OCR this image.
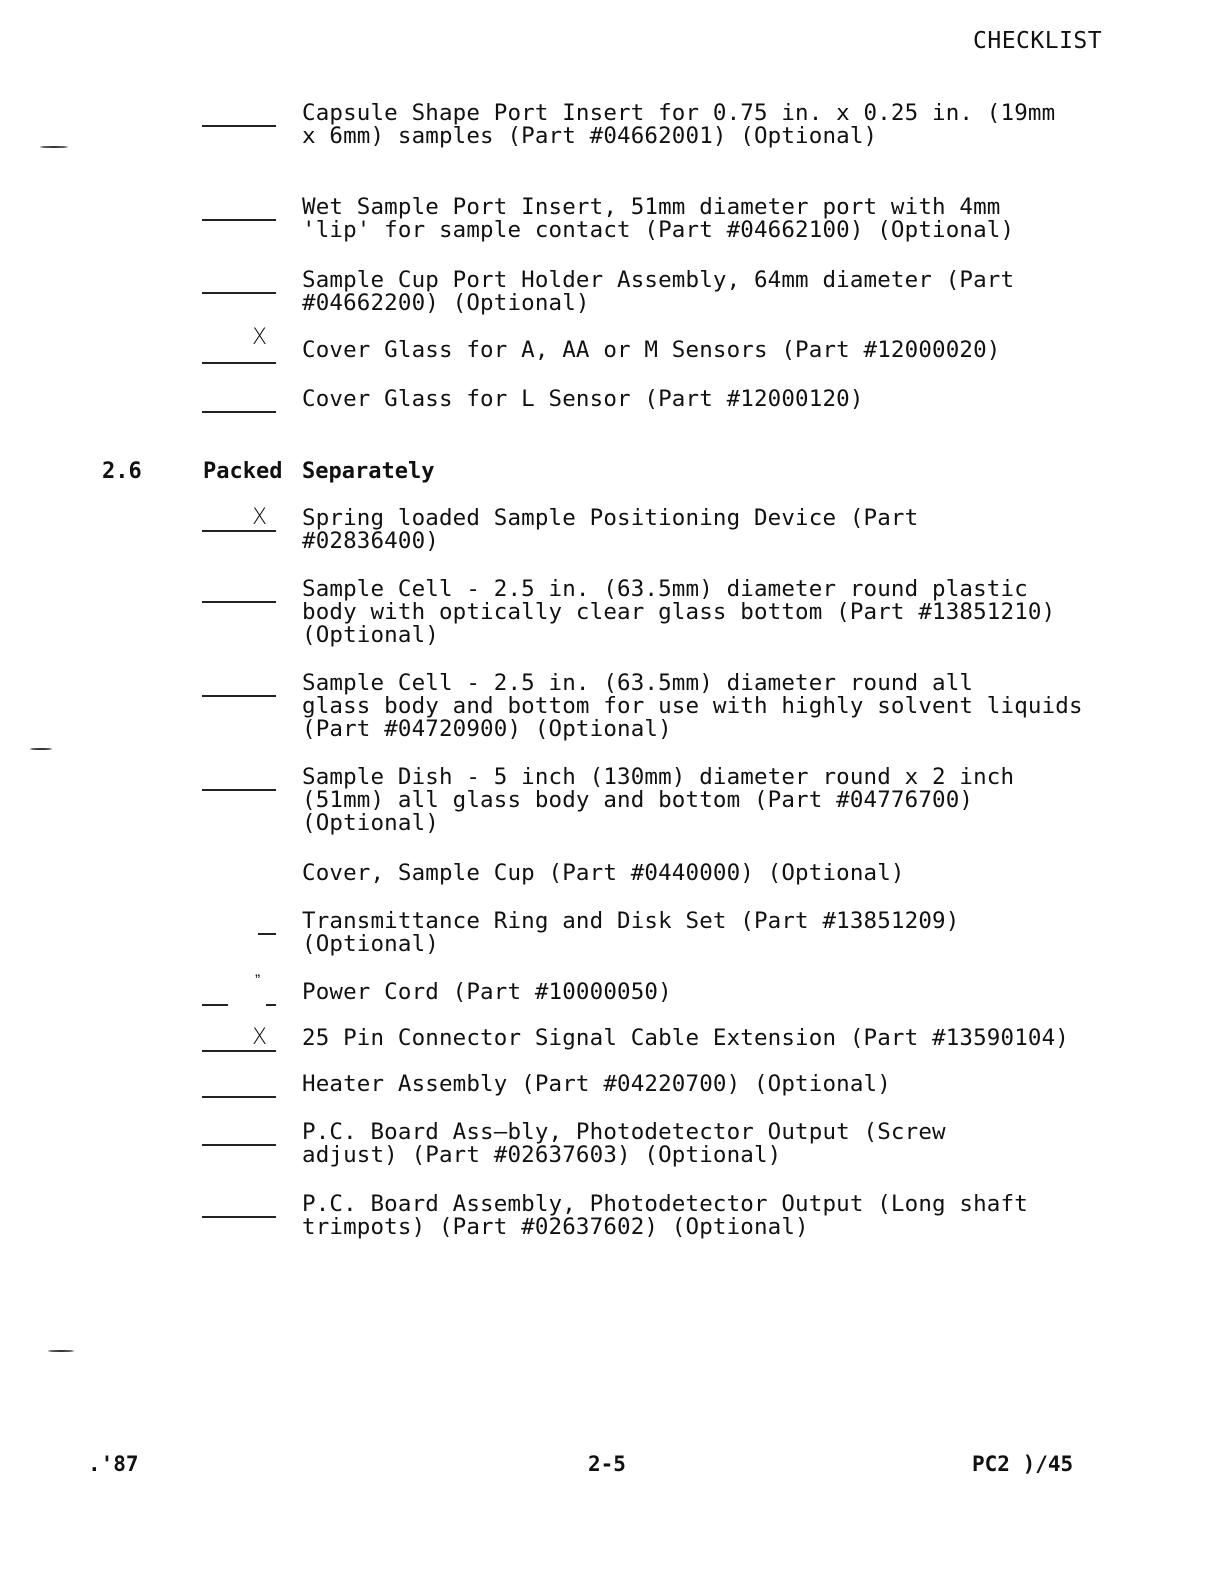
CHECKLIST
Capsule Shape Port Insert for 0.75 in. x 0.25 in. (19mm
x 6mm) samples (Part #04662001) (Optional)
Wet Sample Port Insert, 51mm diameter port with 4mm
'lip' for sample contact (Part #04662100) (Optional)
Sample Cup Port Holder Assembly, 64mm diameter (Part
#04662200) (Optional)
X Cover Glass for A, AA or M Sensors (Part #12000020)
Cover Glass for L Sensor (Part #12000120)
2.6	Packed Separately
X Spring loaded Sample Positioning Device (Part
#02836400)
Sample Cell - 2.5 in. (63.5mm) diameter round plastic
body with optically clear glass bottom (Part #13851210)
(Optional)
Sample Cell - 2.5 in. (63.5mm) diameter round all
glass body and bottom for use with highly solvent liquids
(Part #04720900) (Optional)
Sample Dish - 5 inch (130mm) diameter round x 2 inch
(51mm) all glass body and bottom (Part #04776700)
(Optional)
Cover, Sample Cup (Part #0440000) (Optional)
Transmittance Ring and Disk Set (Part #13851209)
(Optional)
ˮ Power Cord (Part #10000050)
X 25 Pin Connector Signal Cable Extension (Part #13590104)
Heater Assembly (Part #04220700) (Optional)
P.C. Board Ass—bly, Photodetector Output (Screw
adjust) (Part #02637603) (Optional)
P.C. Board Assembly, Photodetector Output (Long shaft
trimpots) (Part #02637602) (Optional)
.'87	2-5	PC2 )/45
